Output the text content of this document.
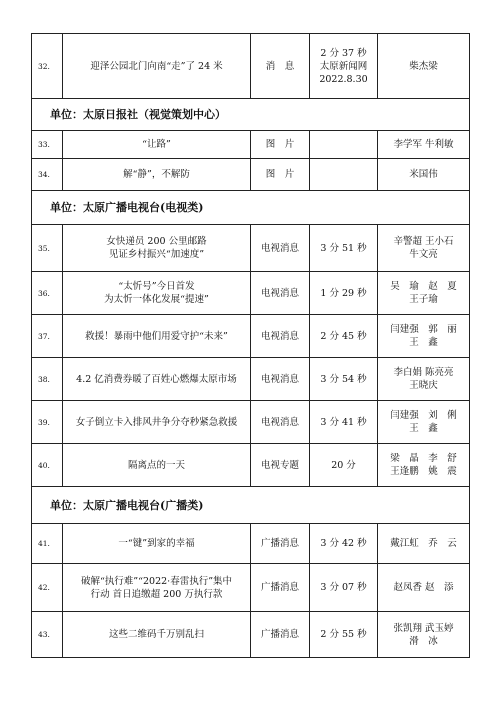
32.	迎泽公园北门向南“走”了 24 米	消　息	2 分 37 秒
太原新闻网
2022.8.30	柴杰梁
单位：太原日报社（视觉策划中心）				
33.	“让路”	图　片		李学军 牛利敏
34.	解“静”，不解防	图　片		米国伟
单位：太原广播电视台(电视类)				
35.	女快递员 200 公里邮路
见证乡村振兴“加速度”	电视消息	3 分 51 秒	辛警超 王小石
牛文亮
36.	“太忻号”今日首发
为太忻一体化发展“提速”	电视消息	1 分 29 秒	吴　瑜　赵　夏
王子瑜
37.	救援！暴雨中他们用爱守护“未来”	电视消息	2 分 45 秒	闫建强　郭　丽
王　鑫
38.	4.2 亿消费券暖了百姓心燃爆太原市场	电视消息	3 分 54 秒	李白娟 陈亮亮
王晓庆
39.	女子倒立卡入排风井争分夺秒紧急救援	电视消息	3 分 41 秒	闫建强　刘　俐
王　鑫
40.	隔离点的一天	电视专题	20 分	梁　晶　李　舒
王逢鹏　姚　震
单位：太原广播电视台(广播类)				
41.	一“键”到家的幸福	广播消息	3 分 42 秒	戴江虹　乔　云
42.	破解“执行难”“2022·春雷执行”集中
行动 首日追缴超 200 万执行款	广播消息	3 分 07 秒	赵凤香 赵　添
43.	这些二维码千万别乱扫	广播消息	2 分 55 秒	张凯翔 武玉婷
滑　冰
